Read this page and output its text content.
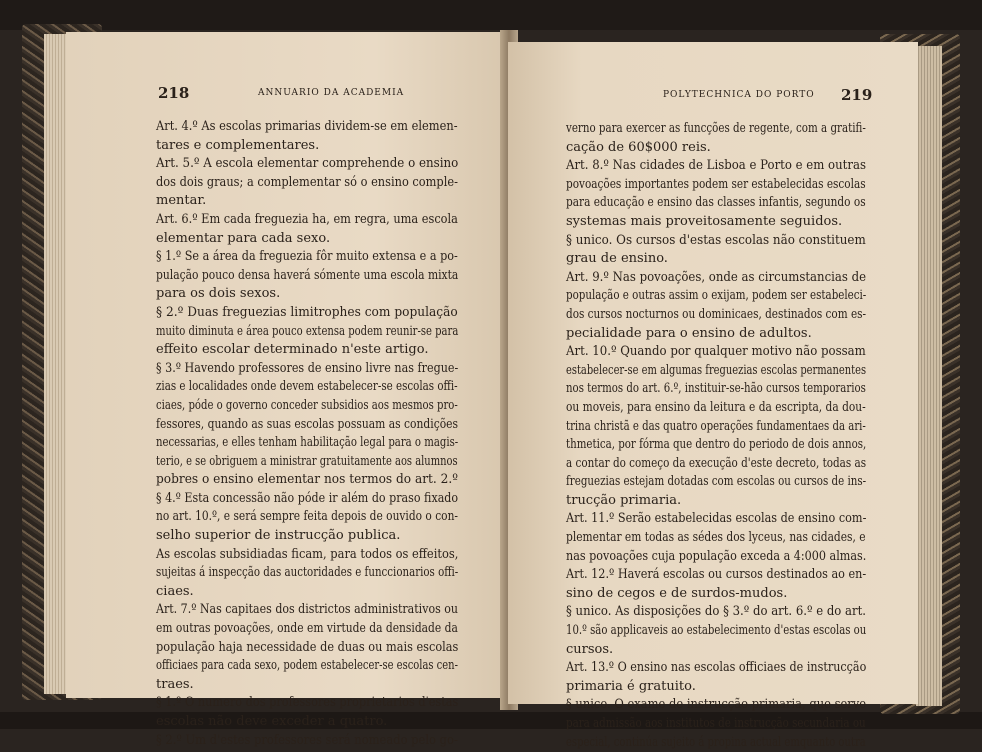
218	ANNUARIO DA ACADEMIA
Art. 4.º As escolas primarias dividem-se em elemen-
tares e complementares.
Art. 5.º A escola elementar comprehende o ensino
dos dois graus; a complementar só o ensino comple-
mentar.
Art. 6.º Em cada freguezia ha, em regra, uma escola
elementar para cada sexo.
§ 1.º Se a área da freguezia fôr muito extensa e a po-
pulação pouco densa haverá sómente uma escola mixta
para os dois sexos.
§ 2.º Duas freguezias limitrophes com população
muito diminuta e área pouco extensa podem reunir-se para
effeito escolar determinado n'este artigo.
§ 3.º Havendo professores de ensino livre nas fregue-
zias e localidades onde devem estabelecer-se escolas offi-
ciaes, póde o governo conceder subsidios aos mesmos pro-
fessores, quando as suas escolas possuam as condições
necessarias, e elles tenham habilitação legal para o magis-
terio, e se obriguem a ministrar gratuitamente aos alumnos
pobres o ensino elementar nos termos do art. 2.º
§ 4.º Esta concessão não póde ir além do praso fixado
no art. 10.º, e será sempre feita depois de ouvido o con-
selho superior de instrucção publica.
As escolas subsidiadas ficam, para todos os effeitos,
sujeitas á inspecção das auctoridades e funccionarios offi-
ciaes.
Art. 7.º Nas capitaes dos districtos administrativos ou
em outras povoações, onde em virtude da densidade da
população haja necessidade de duas ou mais escolas
officiaes para cada sexo, podem estabelecer-se escolas cen-
traes.
§ 1.º O numero dos professores proprietarios d'estas
escolas não deve exceder a quatro.
§ 2.º Um d'estes professores será nomeado pelo go-
POLYTECHNICA DO PORTO 219
verno para exercer as funcções de regente, com a gratifi-
cação de 60$000 reis.
Art. 8.º Nas cidades de Lisboa e Porto e em outras
povoações importantes podem ser estabelecidas escolas
para educação e ensino das classes infantis, segundo os
systemas mais proveitosamente seguidos.
§ unico. Os cursos d'estas escolas não constituem
grau de ensino.
Art. 9.º Nas povoações, onde as circumstancias de
população e outras assim o exijam, podem ser estabeleci-
dos cursos nocturnos ou dominicaes, destinados com es-
pecialidade para o ensino de adultos.
Art. 10.º Quando por qualquer motivo não possam
estabelecer-se em algumas freguezias escolas permanentes
nos termos do art. 6.º, instituir-se-hão cursos temporarios
ou moveis, para ensino da leitura e da escripta, da dou-
trina christã e das quatro operações fundamentaes da ari-
thmetica, por fórma que dentro do periodo de dois annos,
a contar do começo da execução d'este decreto, todas as
freguezias estejam dotadas com escolas ou cursos de ins-
trucção primaria.
Art. 11.º Serão estabelecidas escolas de ensino com-
plementar em todas as sédes dos lyceus, nas cidades, e
nas povoações cuja população exceda a 4:000 almas.
Art. 12.º Haverá escolas ou cursos destinados ao en-
sino de cegos e de surdos-mudos.
§ unico. As disposições do § 3.º do art. 6.º e do art.
10.º são applicaveis ao estabelecimento d'estas escolas ou
cursos.
Art. 13.º O ensino nas escolas officiaes de instrucção
primaria é gratuito.
§ unico. O exame de instrucção primaria, que serve
para admissão aos institutos de instrucção secundaria ou
especial, continúa sujeito á propina actual emquanto outra
